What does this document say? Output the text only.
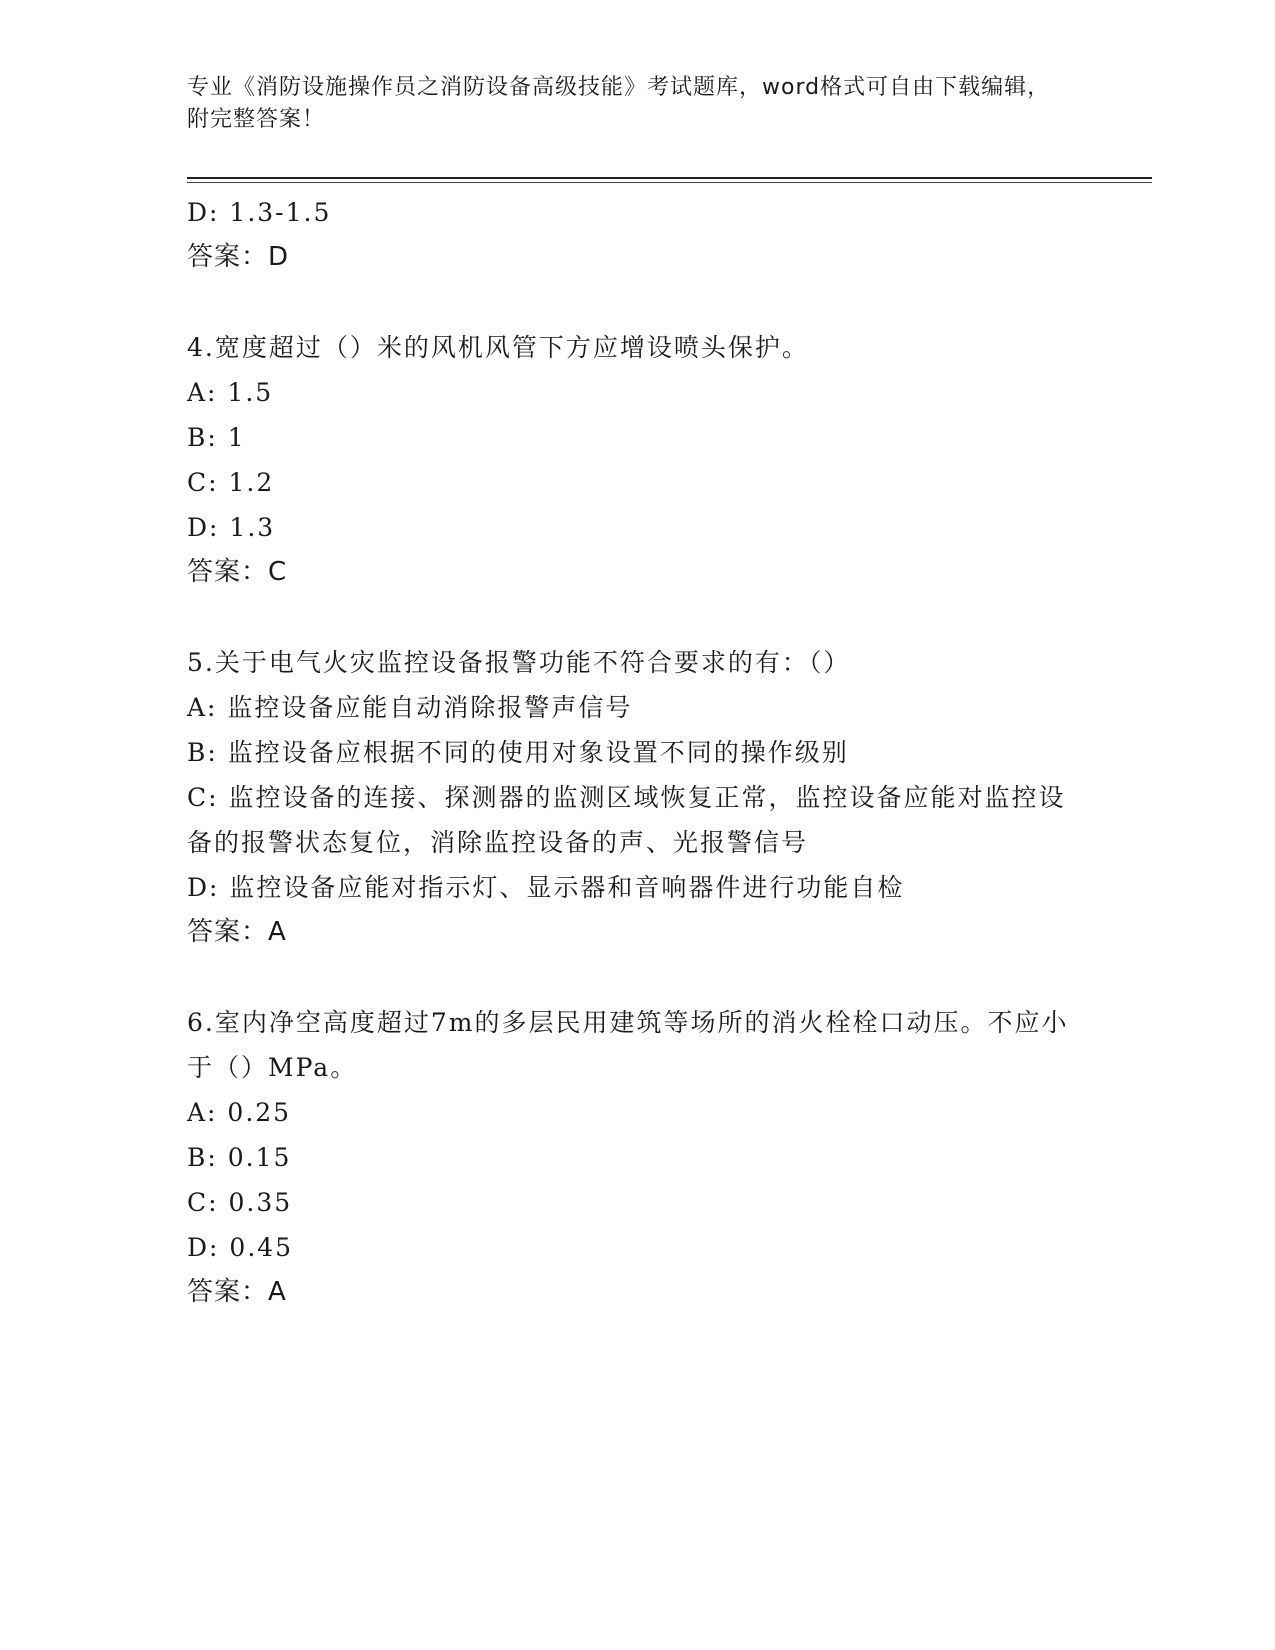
专业《消防设施操作员之消防设备高级技能》考试题库，word格式可自由下载编辑，附完整答案！
D: 1.3-1.5
答案：D
4.宽度超过（）米的风机风管下方应增设喷头保护。
A: 1.5
B: 1
C: 1.2
D: 1.3
答案：C
5.关于电气火灾监控设备报警功能不符合要求的有：（）
A: 监控设备应能自动消除报警声信号
B: 监控设备应根据不同的使用对象设置不同的操作级别
C: 监控设备的连接、探测器的监测区域恢复正常，监控设备应能对监控设备的报警状态复位，消除监控设备的声、光报警信号
D: 监控设备应能对指示灯、显示器和音响器件进行功能自检
答案：A
6.室内净空高度超过7m的多层民用建筑等场所的消火栓栓口动压。不应小于（）MPa。
A: 0.25
B: 0.15
C: 0.35
D: 0.45
答案：A
